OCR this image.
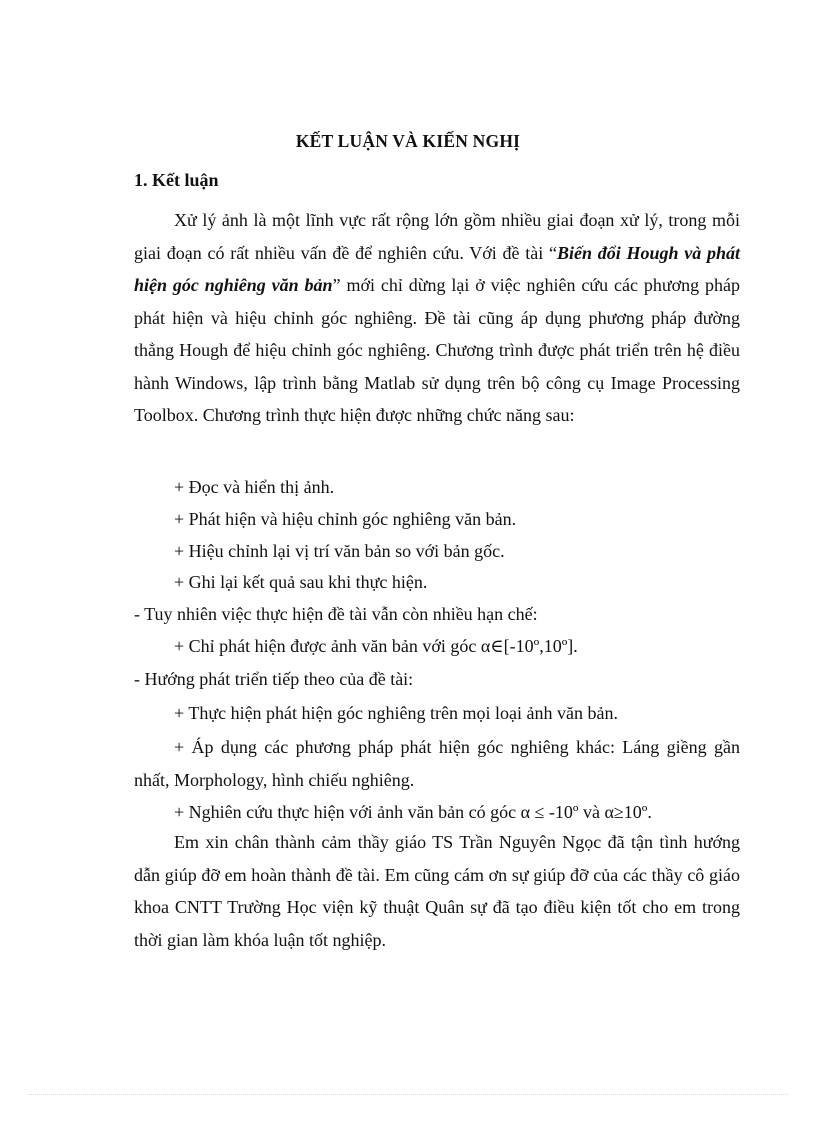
KẾT LUẬN VÀ KIẾN NGHỊ
1. Kết luận

Xử lý ảnh là một lĩnh vực rất rộng lớn gồm nhiều giai đoạn xử lý, trong mỗi giai đoạn có rất nhiều vấn đề để nghiên cứu. Với đề tài “Biến đổi Hough và phát hiện góc nghiêng văn bản” mới chỉ dừng lại ở việc nghiên cứu các phương pháp phát hiện và hiệu chỉnh góc nghiêng. Đề tài cũng áp dụng phương pháp đường thẳng Hough để hiệu chỉnh góc nghiêng. Chương trình được phát triển trên hệ điều hành Windows, lập trình bằng Matlab sử dụng trên bộ công cụ Image Processing Toolbox. Chương trình thực hiện được những chức năng sau:

+ Đọc và hiển thị ảnh.
+ Phát hiện và hiệu chỉnh góc nghiêng văn bản.
+ Hiệu chỉnh lại vị trí văn bản so với bản gốc.
+ Ghi lại kết quả sau khi thực hiện.
- Tuy nhiên việc thực hiện đề tài vẫn còn nhiều hạn chế:
+ Chỉ phát hiện được ảnh văn bản với góc α∈[-10º,10º].
- Hướng phát triển tiếp theo của đề tài:
+ Thực hiện phát hiện góc nghiêng trên mọi loại ảnh văn bản.

+ Áp dụng các phương pháp phát hiện góc nghiêng khác: Láng giềng gần nhất, Morphology, hình chiếu nghiêng.

+ Nghiên cứu thực hiện với ảnh văn bản có góc α ≤ -10º và α≥10º.

Em xin chân thành cảm thầy giáo TS Trần Nguyên Ngọc đã tận tình hướng dẫn giúp đỡ em hoàn thành đề tài. Em cũng cám ơn sự giúp đỡ của các thầy cô giáo khoa CNTT Trường Học viện kỹ thuật Quân sự đã tạo điều kiện tốt cho em trong thời gian làm khóa luận tốt nghiệp.
